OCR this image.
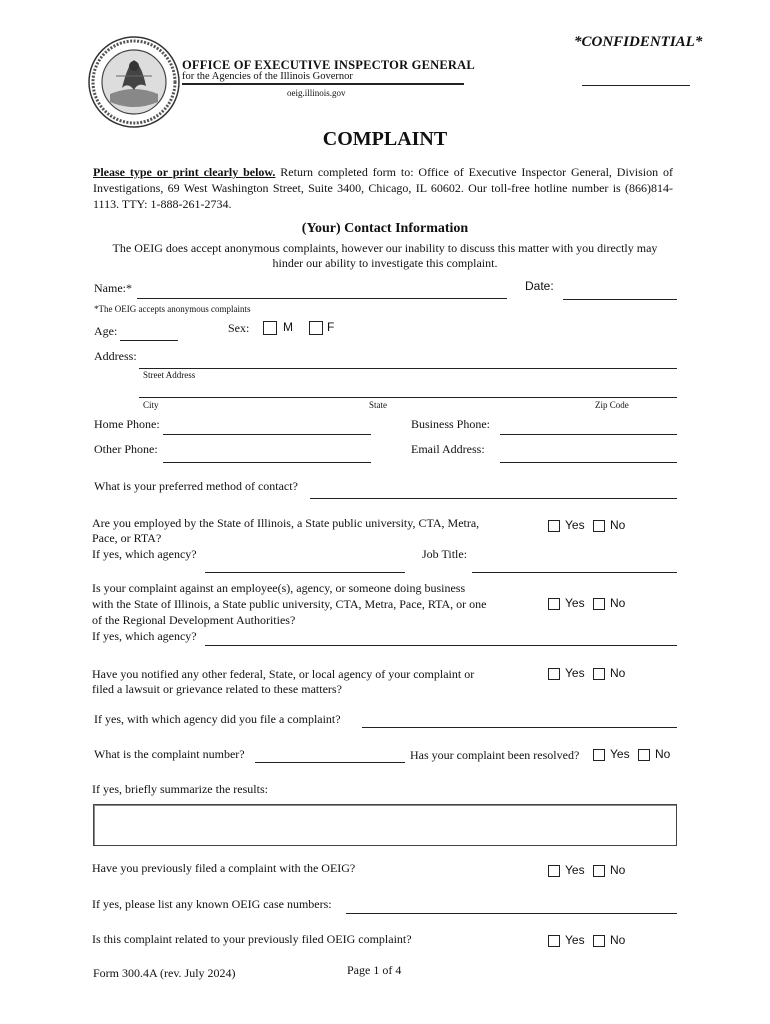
OFFICE OF EXECUTIVE INSPECTOR GENERAL
for the Agencies of the Illinois Governor
oeig.illinois.gov
*CONFIDENTIAL*
COMPLAINT
Please type or print clearly below. Return completed form to: Office of Executive Inspector General, Division of Investigations, 69 West Washington Street, Suite 3400, Chicago, IL 60602. Our toll-free hotline number is (866)814-1113. TTY: 1-888-261-2734.
(Your) Contact Information
The OEIG does accept anonymous complaints, however our inability to discuss this matter with you directly may
hinder our ability to investigate this complaint.
Name:*	Date:
*The OEIG accepts anonymous complaints
Age:	Sex:	M	F
Address:
Street Address
City	State	Zip Code
Home Phone:	Business Phone:
Other Phone:	Email Address:
What is your preferred method of contact?
Are you employed by the State of Illinois, a State public university, CTA, Metra,
Pace, or RTA?
Yes No
If yes, which agency?	Job Title:
Is your complaint against an employee(s), agency, or someone doing business
with the State of Illinois, a State public university, CTA, Metra, Pace, RTA, or one
of the Regional Development Authorities?
Yes No
If yes, which agency?
Have you notified any other federal, State, or local agency of your complaint or
filed a lawsuit or grievance related to these matters?
Yes No
If yes, with which agency did you file a complaint?
What is the complaint number?	Has your complaint been resolved?	Yes No
If yes, briefly summarize the results:
Have you previously filed a complaint with the OEIG?	Yes No
If yes, please list any known OEIG case numbers:
Is this complaint related to your previously filed OEIG complaint?	Yes No
Form 300.4A (rev. July 2024)	Page 1 of 4
